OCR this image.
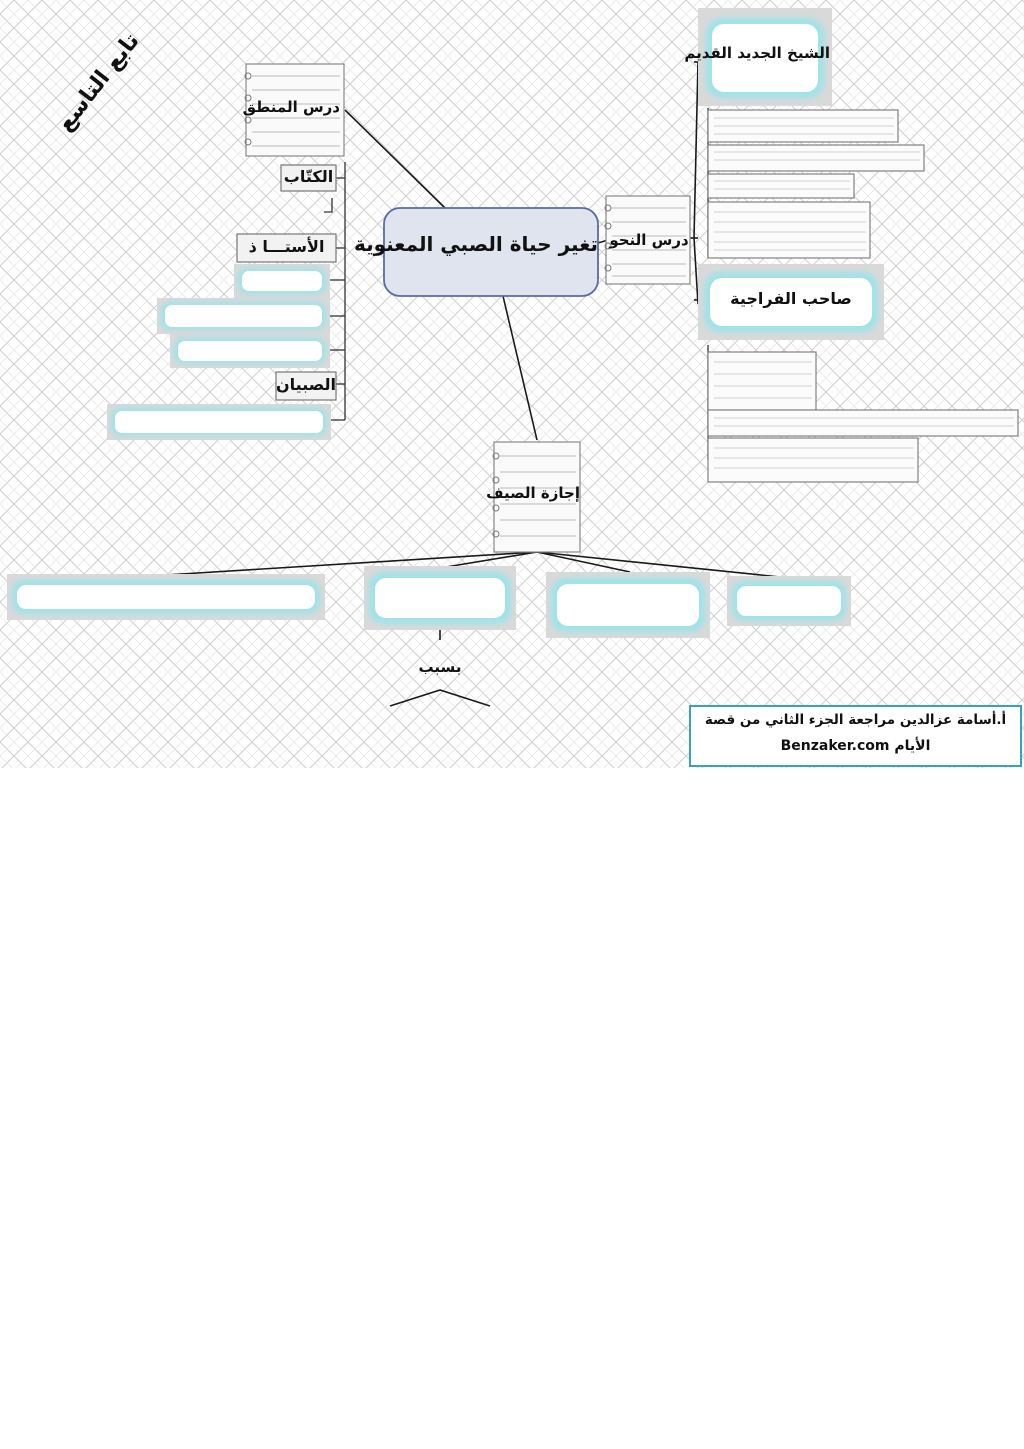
تابع التاسع
تغير حياة الصبي المعنوية
درس المنطق
الكتّاب
الأستـــا ذ
الصبيان
درس النحو
الشيخ الجديد القديم
صاحب الفراجية
إجازة الصيف
بسبب
أ.أسامة عزالدين مراجعة الجزء الثاني من قصة
Benzaker.com الأيام
